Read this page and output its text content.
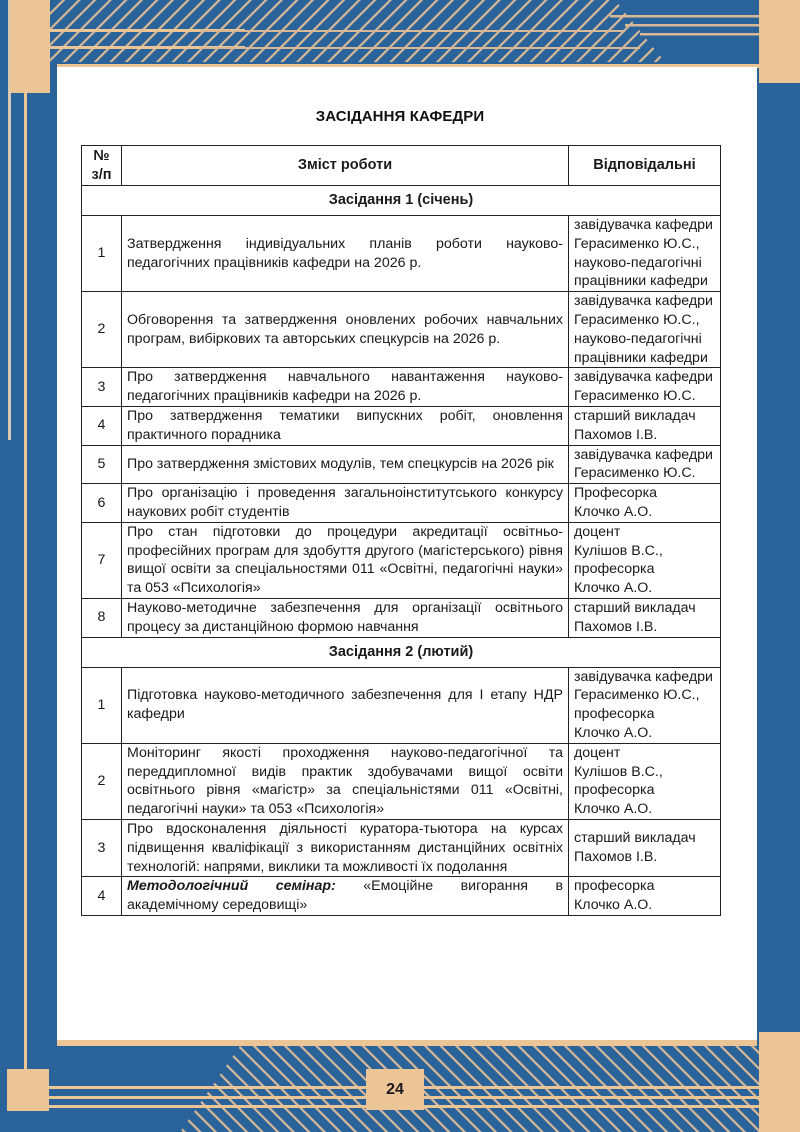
ЗАСІДАННЯ КАФЕДРИ
№
з/п	Зміст роботи	Відповідальні
Засідання 1 (січень)		
1	Затвердження індивідуальних планів роботи науково-педагогічних працівників кафедри на 2026 р.	завідувачка кафедри
Герасименко Ю.С.,
науково-педагогічні
працівники кафедри

2	Обговорення та затвердження оновлених робочих навчальних програм, вибіркових та авторських спецкурсів на 2026 р.	завідувачка кафедри
Герасименко Ю.С.,
науково-педагогічні
працівники кафедри

3	Про затвердження навчального навантаження науково-педагогічних працівників кафедри на 2026 р.	завідувачка кафедри
Герасименко Ю.С.

4	Про затвердження тематики випускних робіт, оновлення практичного порадника	старший викладач
Пахомов І.В.

5	Про затвердження змістових модулів, тем спецкурсів на 2026 рік	завідувачка кафедри
Герасименко Ю.С.

6	Про організацію і проведення загальноінститутського конкурсу наукових робіт студентів	Професорка
Клочко А.О.

7	Про стан підготовки до процедури акредитації освітньо-професійних програм для здобуття другого (магістерського) рівня вищої освіти за спеціальностями 011 «Освітні, педагогічні науки» та 053 «Психологія»	
доцент
Кулішов В.С.,
професорка
Клочко А.О.

8	Науково-методичне забезпечення для організації освітнього процесу за дистанційною формою навчання	старший викладач
Пахомов І.В.

Засідання 2 (лютий)		
1	Підготовка науково-методичного забезпечення для І етапу НДР кафедри	завідувачка кафедри
Герасименко Ю.С.,
професорка
Клочко А.О.

2	Моніторинг якості проходження науково-педагогічної та переддипломної видів практик здобувачами вищої освіти освітнього рівня «магістр» за спеціальністями 011 «Освітні, педагогічні науки» та 053 «Психологія»	
доцент
Кулішов В.С.,
професорка
Клочко А.О.

3	Про вдосконалення діяльності куратора-тьютора на курсах підвищення кваліфікації з використанням дистанційних освітніх технологій: напрями, виклики та можливості їх подолання	старший викладач
Пахомов І.В.

4	Методологічний семінар: «Емоційне вигорання в академічному середовищі»	професорка
Клочко А.О.
24
